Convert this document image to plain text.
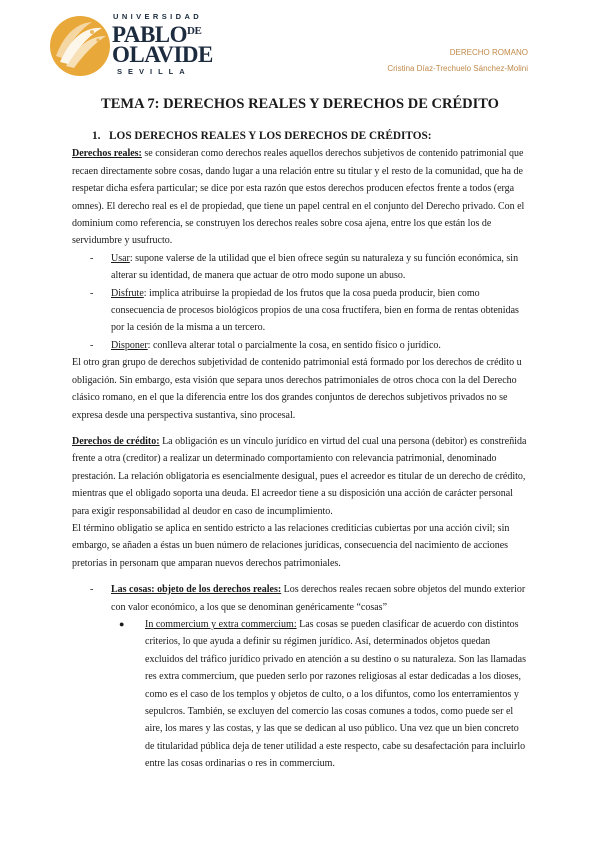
UNIVERSIDAD
$PABLO^{DE}$
OLAVIDE
SEVILLA
DERECHO ROMANO
Cristina Díaz-Trechuelo Sánchez-Molini
TEMA 7: DERECHOS REALES Y DERECHOS DE CRÉDITO

1. LOS DERECHOS REALES Y LOS DERECHOS DE CRÉDITOS:

Derechos reales: se consideran como derechos reales aquellos derechos subjetivos de contenido patrimonial que recaen directamente sobre cosas, dando lugar a una relación entre su titular y el resto de la comunidad, que ha de respetar dicha esfera particular; se dice por esta razón que estos derechos producen efectos frente a todos (erga omnes). El derecho real es el de propiedad, que tiene un papel central en el conjunto del Derecho privado. Con el dominium como referencia, se construyen los derechos reales sobre cosa ajena, entre los que están los de servidumbre y usufructo.

- Usar: supone valerse de la utilidad que el bien ofrece según su naturaleza y su función económica, sin alterar su identidad, de manera que actuar de otro modo supone un abuso.

- Disfrute: implica atribuirse la propiedad de los frutos que la cosa pueda producir, bien como consecuencia de procesos biológicos propios de una cosa fructífera, bien en forma de rentas obtenidas por la cesión de la misma a un tercero.

- Disponer: conlleva alterar total o parcialmente la cosa, en sentido físico o jurídico.

El otro gran grupo de derechos subjetividad de contenido patrimonial está formado por los derechos de crédito u obligación. Sin embargo, esta visión que separa unos derechos patrimoniales de otros choca con la del Derecho clásico romano, en el que la diferencia entre los dos grandes conjuntos de derechos subjetivos privados no se expresa desde una perspectiva sustantiva, sino procesal.

Derechos de crédito: La obligación es un vínculo jurídico en virtud del cual una persona (debitor) es constreñida frente a otra (creditor) a realizar un determinado comportamiento con relevancia patrimonial, denominado prestación. La relación obligatoria es esencialmente desigual, pues el acreedor es titular de un derecho de crédito, mientras que el obligado soporta una deuda. El acreedor tiene a su disposición una acción de carácter personal para exigir responsabilidad al deudor en caso de incumplimiento.

El término obligatio se aplica en sentido estricto a las relaciones crediticias cubiertas por una acción civil; sin embargo, se añaden a éstas un buen número de relaciones jurídicas, consecuencia del nacimiento de acciones pretorias in personam que amparan nuevos derechos patrimoniales.

- Las cosas: objeto de los derechos reales: Los derechos reales recaen sobre objetos del mundo exterior con valor económico, a los que se denominan genéricamente “cosas”

● In commercium y extra commercium: Las cosas se pueden clasificar de acuerdo con distintos criterios, lo que ayuda a definir su régimen jurídico. Así, determinados objetos quedan excluidos del tráfico jurídico privado en atención a su destino o su naturaleza. Son las llamadas res extra commercium, que pueden serlo por razones religiosas al estar dedicadas a los dioses, como es el caso de los templos y objetos de culto, o a los difuntos, como los enterramientos y sepulcros. También, se excluyen del comercio las cosas comunes a todos, como puede ser el aire, los mares y las costas, y las que se dedican al uso público. Una vez que un bien concreto de titularidad pública deja de tener utilidad a este respecto, cabe su desafectación para incluirlo entre las cosas ordinarias o res in commercium.
